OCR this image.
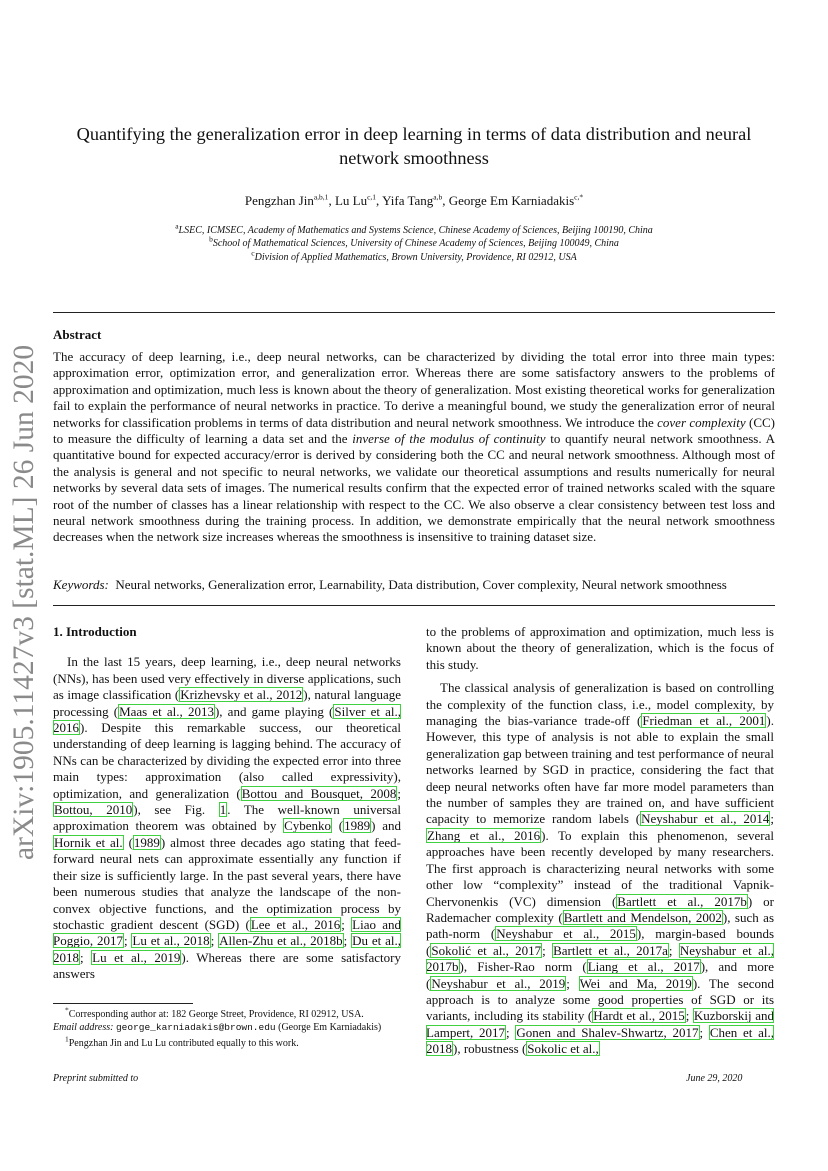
Quantifying the generalization error in deep learning in terms of data distribution and neural network smoothness
Pengzhan Jin$^{a,b,1}$, Lu Lu$^{c,1}$, Yifa Tang$^{a,b}$, George Em Karniadakis$^{c,*}$
$^a$LSEC, ICMSEC, Academy of Mathematics and Systems Science, Chinese Academy of Sciences, Beijing 100190, China
$^b$School of Mathematical Sciences, University of Chinese Academy of Sciences, Beijing 100049, China
$^c$Division of Applied Mathematics, Brown University, Providence, RI 02912, USA
Abstract
The accuracy of deep learning, i.e., deep neural networks, can be characterized by dividing the total error into three main types: approximation error, optimization error, and generalization error. Whereas there are some satisfactory answers to the problems of approximation and optimization, much less is known about the theory of generalization. Most existing theoretical works for generalization fail to explain the performance of neural networks in practice. To derive a meaningful bound, we study the generalization error of neural networks for classification problems in terms of data distribution and neural network smoothness. We introduce the cover complexity (CC) to measure the difficulty of learning a data set and the inverse of the modulus of continuity to quantify neural network smoothness. A quantitative bound for expected accuracy/error is derived by considering both the CC and neural network smoothness. Although most of the analysis is general and not specific to neural networks, we validate our theoretical assumptions and results numerically for neural networks by several data sets of images. The numerical results confirm that the expected error of trained networks scaled with the square root of the number of classes has a linear relationship with respect to the CC. We also observe a clear consistency between test loss and neural network smoothness during the training process. In addition, we demonstrate empirically that the neural network smoothness decreases when the network size increases whereas the smoothness is insensitive to training dataset size.
Keywords: Neural networks, Generalization error, Learnability, Data distribution, Cover complexity, Neural network smoothness
arXiv:1905.11427v3 [stat.ML] 26 Jun 2020 1. Introduction

In the last 15 years, deep learning, i.e., deep neural networks (NNs), has been used very effectively in diverse applications, such as image classification (Krizhevsky et al., 2012), natural language processing (Maas et al., 2013), and game playing (Silver et al., 2016). Despite this remarkable success, our theoretical understanding of deep learning is lagging behind. The accuracy of NNs can be characterized by dividing the expected error into three main types: approximation (also called expressivity), optimization, and generalization (Bottou and Bousquet, 2008; Bottou, 2010), see Fig. 1. The well-known universal approximation theorem was obtained by Cybenko (1989) and Hornik et al. (1989) almost three decades ago stating that feed-forward neural nets can approximate essentially any function if their size is sufficiently large. In the past several years, there have been numerous studies that analyze the landscape of the non-convex objective functions, and the optimization process by stochastic gradient descent (SGD) (Lee et al., 2016; Liao and Poggio, 2017; Lu et al., 2018; Allen-Zhu et al., 2018b; Du et al., 2018; Lu et al., 2019). Whereas there are some satisfactory answers

to the problems of approximation and optimization, much less is known about the theory of generalization, which is the focus of this study.

The classical analysis of generalization is based on controlling the complexity of the function class, i.e., model complexity, by managing the bias-variance trade-off (Friedman et al., 2001). However, this type of analysis is not able to explain the small generalization gap between training and test performance of neural networks learned by SGD in practice, considering the fact that deep neural networks often have far more model parameters than the number of samples they are trained on, and have sufficient capacity to memorize random labels (Neyshabur et al., 2014; Zhang et al., 2016). To explain this phenomenon, several approaches have been recently developed by many researchers. The first approach is characterizing neural networks with some other low “complexity” instead of the traditional Vapnik-Chervonenkis (VC) dimension (Bartlett et al., 2017b) or Rademacher complexity (Bartlett and Mendelson, 2002), such as path-norm (Neyshabur et al., 2015), margin-based bounds (Sokolić et al., 2017; Bartlett et al., 2017a; Neyshabur et al., 2017b), Fisher-Rao norm (Liang et al., 2017), and more (Neyshabur et al., 2019; Wei and Ma, 2019). The second approach is to analyze some good properties of SGD or its variants, including its stability (Hardt et al., 2015; Kuzborskij and Lampert, 2017; Gonen and Shalev-Shwartz, 2017; Chen et al., 2018), robustness (Sokolic et al.,

*Corresponding author at: 182 George Street, Providence, RI 02912, USA.
Email address: george_karniadakis@brown.edu (George Em Karniadakis)

$^1$Pengzhan Jin and Lu Lu contributed equally to this work.

Preprint submitted to	June 29, 2020
